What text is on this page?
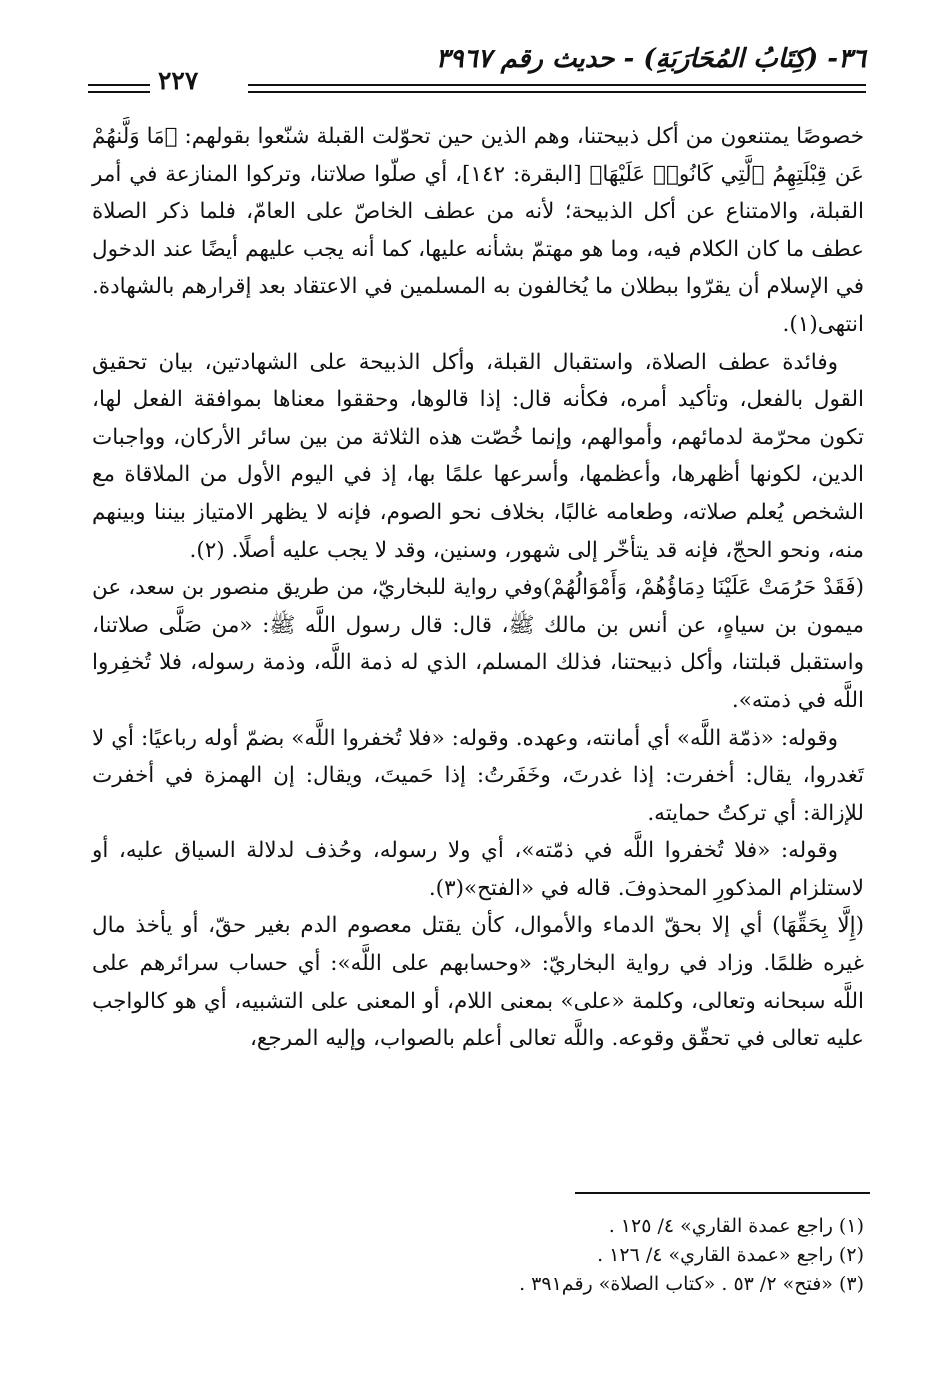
٣٦- (كِتَابُ المُحَارَبَةِ) - حديث رقم ٣٩٦٧
٢٢٧

خصوصًا يمتنعون من أكل ذبيحتنا، وهم الذين حين تحوّلت القبلة شنّعوا بقولهم: ﴿مَا وَلَّنهُمْ عَن قِبْلَتِهِمُ ٱلَّتِي كَانُوا۟ عَلَيْهَا﴾ [البقرة: ١٤٢]، أي صلّوا صلاتنا، وتركوا المنازعة في أمر القبلة، والامتناع عن أكل الذبيحة؛ لأنه من عطف الخاصّ على العامّ، فلما ذكر الصلاة عطف ما كان الكلام فيه، وما هو مهتمّ بشأنه عليها، كما أنه يجب عليهم أيضًا عند الدخول في الإسلام أن يقرّوا ببطلان ما يُخالفون به المسلمين في الاعتقاد بعد إقرارهم بالشهادة. انتهى(١).

وفائدة عطف الصلاة، واستقبال القبلة، وأكل الذبيحة على الشهادتين، بيان تحقيق القول بالفعل، وتأكيد أمره، فكأنه قال: إذا قالوها، وحققوا معناها بموافقة الفعل لها، تكون محرّمة لدمائهم، وأموالهم، وإنما خُصّت هذه الثلاثة من بين سائر الأركان، وواجبات الدين، لكونها أظهرها، وأعظمها، وأسرعها علمًا بها، إذ في اليوم الأول من الملاقاة مع الشخص يُعلم صلاته، وطعامه غالبًا، بخلاف نحو الصوم، فإنه لا يظهر الامتياز بيننا وبينهم منه، ونحو الحجّ، فإنه قد يتأخّر إلى شهور، وسنين، وقد لا يجب عليه أصلًا. (٢).

(فَقَدْ حَرُمَتْ عَلَيْنَا دِمَاؤُهُمْ، وَأَمْوَالُهُمْ)وفي رواية للبخاريّ، من طريق منصور بن سعد، عن ميمون بن سياهٍ، عن أنس بن مالك ﷺ، قال: قال رسول اللَّه ﷺ: «من صَلَّى صلاتنا، واستقبل قبلتنا، وأكل ذبيحتنا، فذلك المسلم، الذي له ذمة اللَّه، وذمة رسوله، فلا تُخفِروا اللَّه في ذمته».

وقوله: «ذمّة اللَّه» أي أمانته، وعهده. وقوله: «فلا تُخفروا اللَّه» بضمّ أوله رباعيًا: أي لا تَغدروا، يقال: أخفرت: إذا غدرتَ، وخَفَرتُ: إذا حَميتَ، ويقال: إن الهمزة في أخفرت للإزالة: أي تركتُ حمايته.

وقوله: «فلا تُخفروا اللَّه في ذمّته»، أي ولا رسوله، وحُذف لدلالة السياق عليه، أو لاستلزام المذكورِ المحذوفَ. قاله في «الفتح»(٣).

(إِلَّا بِحَقِّهَا) أي إلا بحقّ الدماء والأموال، كأن يقتل معصوم الدم بغير حقّ، أو يأخذ مال غيره ظلمًا. وزاد في رواية البخاريّ: «وحسابهم على اللَّه»: أي حساب سرائرهم على اللَّه سبحانه وتعالى، وكلمة «على» بمعنى اللام، أو المعنى على التشبيه، أي هو كالواجب عليه تعالى في تحقّق وقوعه. واللَّه تعالى أعلم بالصواب، وإليه المرجع،

(١) راجع عمدة القاري» ٤/ ١٢٥ .

(٢) راجع «عمدة القاري» ٤/ ١٢٦ .

(٣) «فتح» ٢/ ٥٣ . «كتاب الصلاة» رقم٣٩١ .
